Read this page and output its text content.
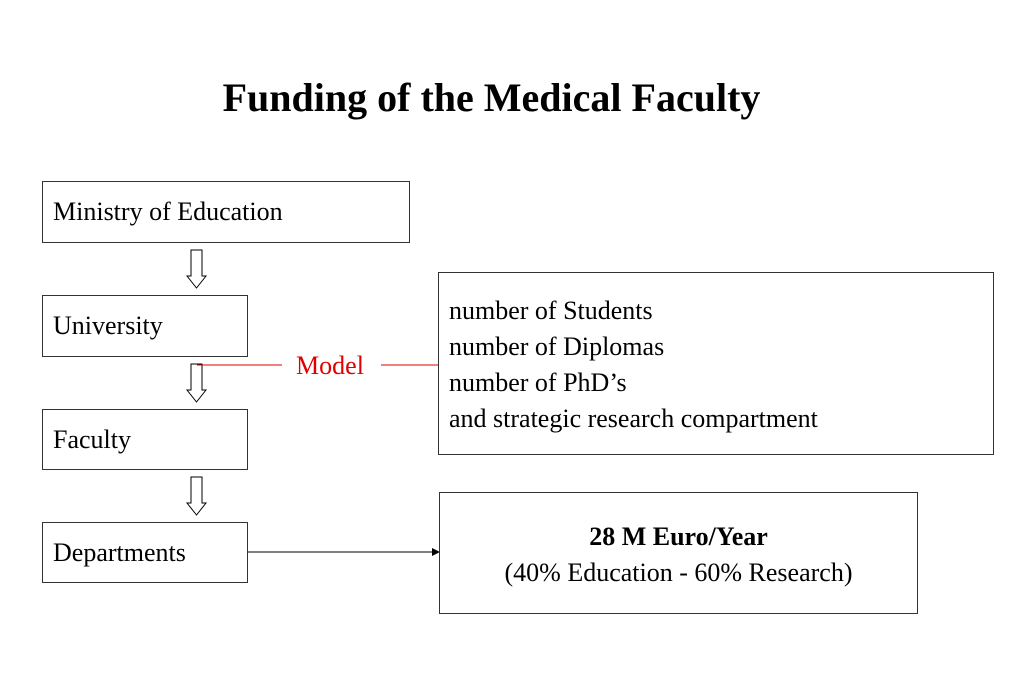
Funding of the Medical Faculty
Ministry of Education
University
Faculty
Departments
Model
number of Students
number of Diplomas
number of PhD’s
and strategic research compartment
28 M Euro/Year
(40% Education - 60% Research)
